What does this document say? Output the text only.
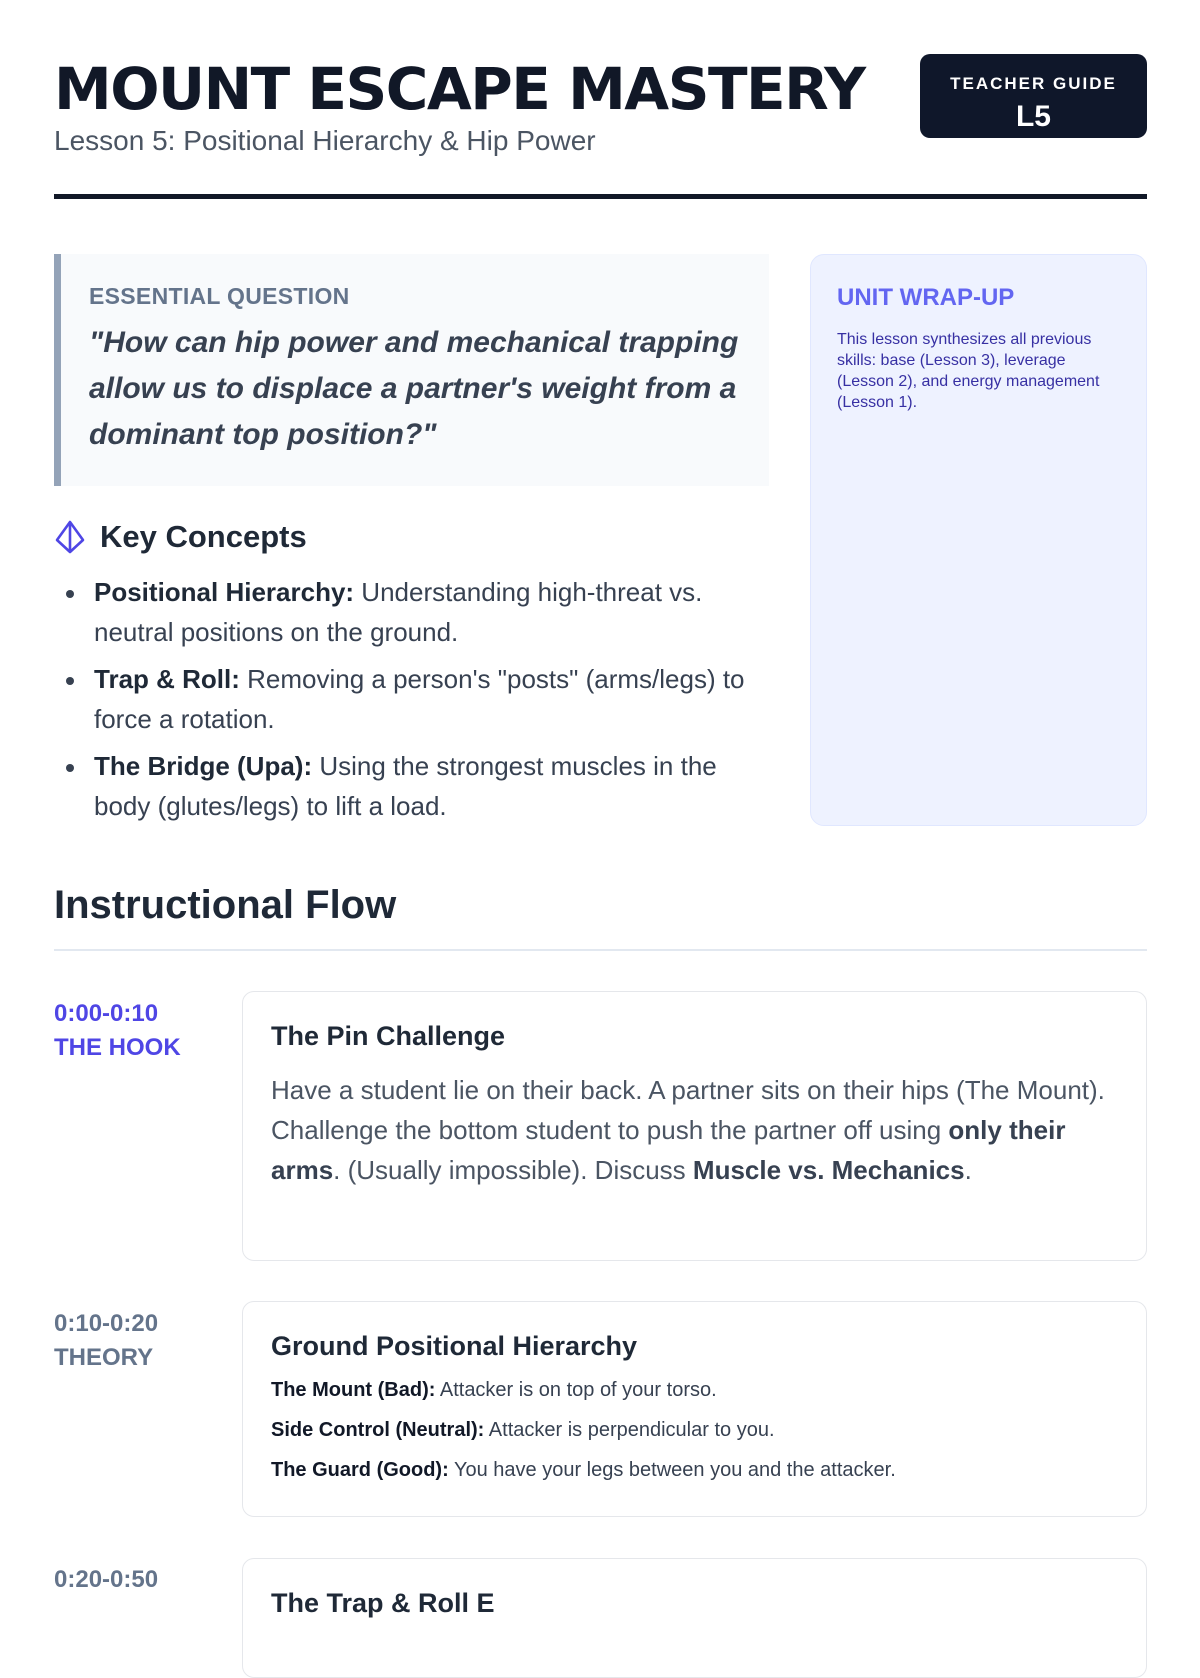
MOUNT ESCAPE MASTERY
Lesson 5: Positional Hierarchy & Hip Power
TEACHER GUIDE
L5
ESSENTIAL QUESTION
"How can hip power and mechanical trapping allow us to displace a partner's weight from a dominant top position?"
Key Concepts
Positional Hierarchy: Understanding high-threat vs. neutral positions on the ground.
Trap & Roll: Removing a person's "posts" (arms/legs) to force a rotation.
The Bridge (Upa): Using the strongest muscles in the body (glutes/legs) to lift a load.
UNIT WRAP-UP
This lesson synthesizes all previous skills: base (Lesson 3), leverage (Lesson 2), and energy management (Lesson 1).
Instructional Flow
0:00-0:10
THE HOOK	The Pin Challenge
Have a student lie on their back. A partner sits on their hips (The Mount). Challenge the bottom student to push the partner off using only their arms. (Usually impossible). Discuss Muscle vs. Mechanics.
0:10-0:20
THEORY	Ground Positional Hierarchy
The Mount (Bad): Attacker is on top of your torso.
Side Control (Neutral): Attacker is perpendicular to you.
The Guard (Good): You have your legs between you and the attacker.
0:20-0:50
The Trap & Roll E
